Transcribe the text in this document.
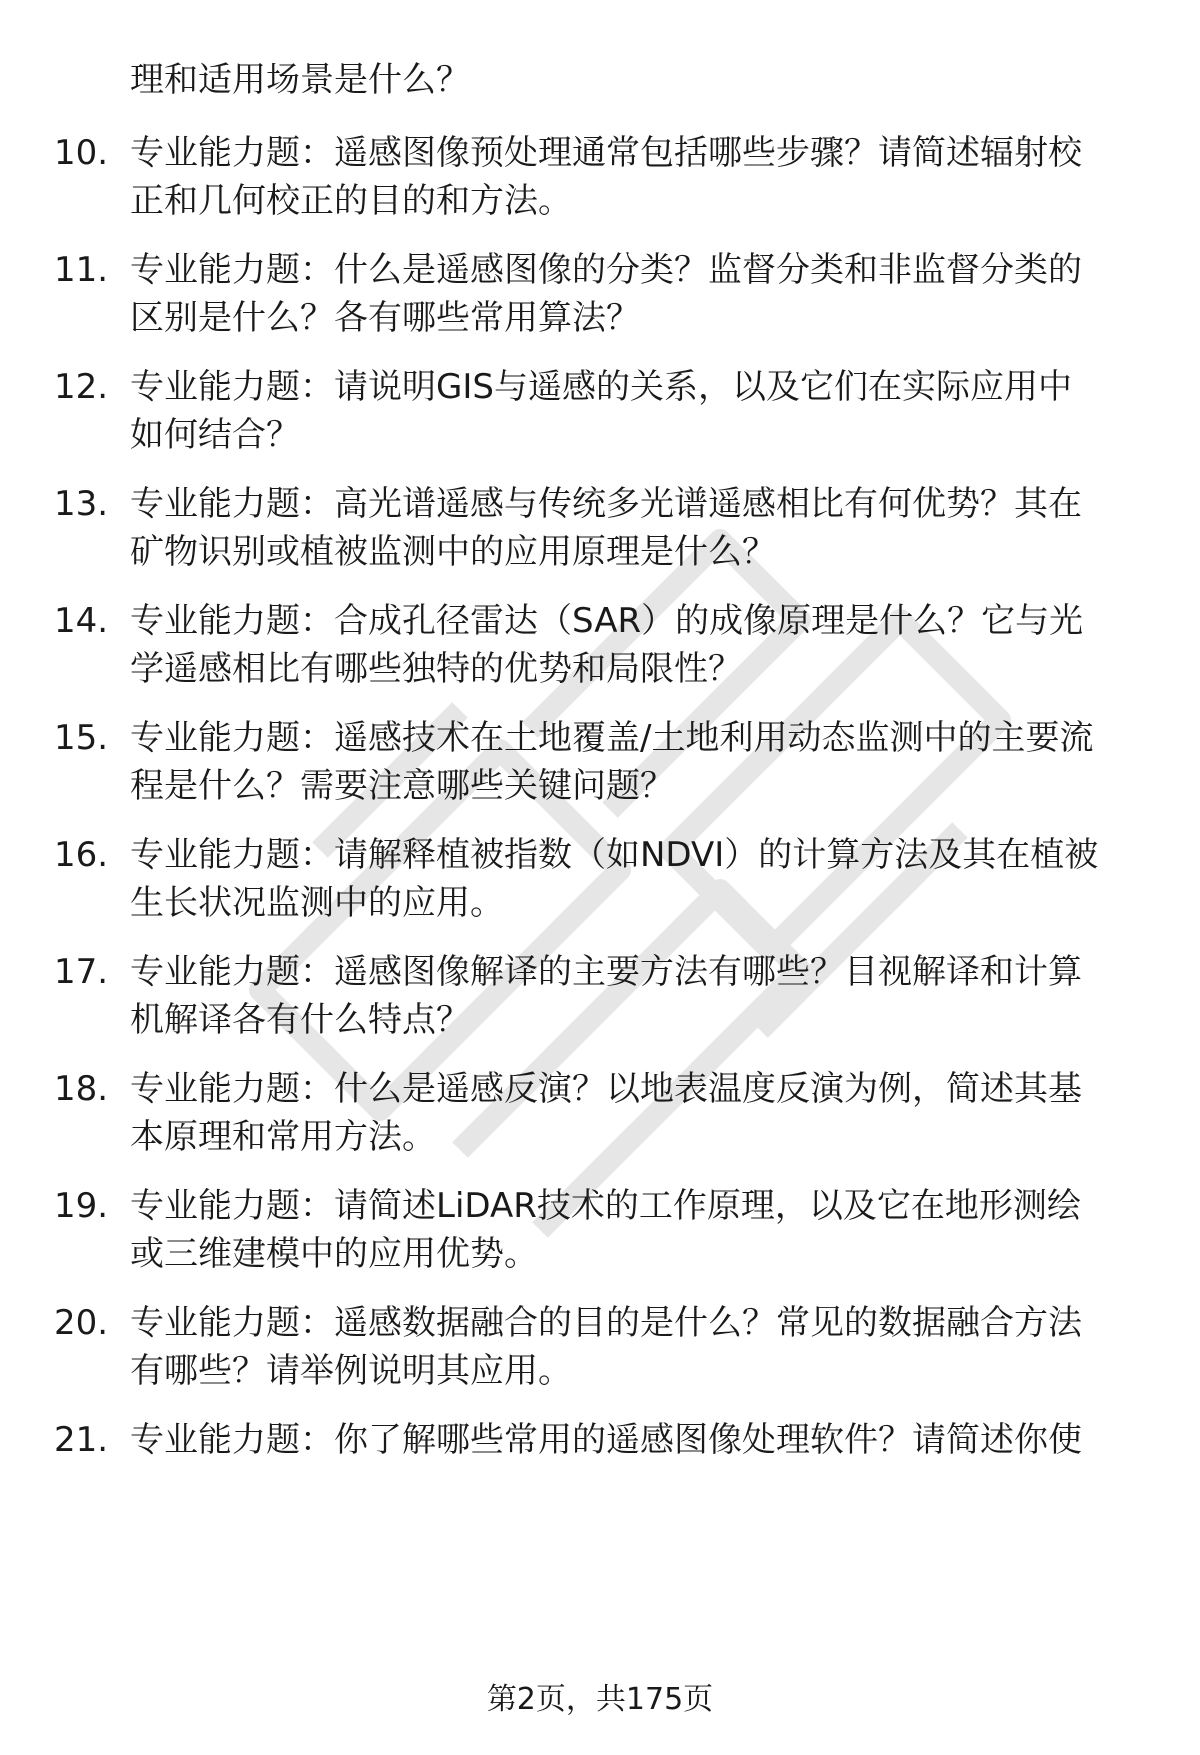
理和适用场景是什么？
10. 专业能力题：遥感图像预处理通常包括哪些步骤？请简述辐射校
正和几何校正的目的和方法。
11. 专业能力题：什么是遥感图像的分类？监督分类和非监督分类的
区别是什么？各有哪些常用算法？
12. 专业能力题：请说明GIS与遥感的关系，以及它们在实际应用中
如何结合？
13. 专业能力题：高光谱遥感与传统多光谱遥感相比有何优势？其在
矿物识别或植被监测中的应用原理是什么？
14. 专业能力题：合成孔径雷达（SAR）的成像原理是什么？它与光
学遥感相比有哪些独特的优势和局限性？
15. 专业能力题：遥感技术在土地覆盖/土地利用动态监测中的主要流
程是什么？需要注意哪些关键问题？
16. 专业能力题：请解释植被指数（如NDVI）的计算方法及其在植被
生长状况监测中的应用。
17. 专业能力题：遥感图像解译的主要方法有哪些？目视解译和计算
机解译各有什么特点？
18. 专业能力题：什么是遥感反演？以地表温度反演为例，简述其基
本原理和常用方法。
19. 专业能力题：请简述LiDAR技术的工作原理，以及它在地形测绘
或三维建模中的应用优势。
20. 专业能力题：遥感数据融合的目的是什么？常见的数据融合方法
有哪些？请举例说明其应用。
21. 专业能力题：你了解哪些常用的遥感图像处理软件？请简述你使
第2页，共175页
